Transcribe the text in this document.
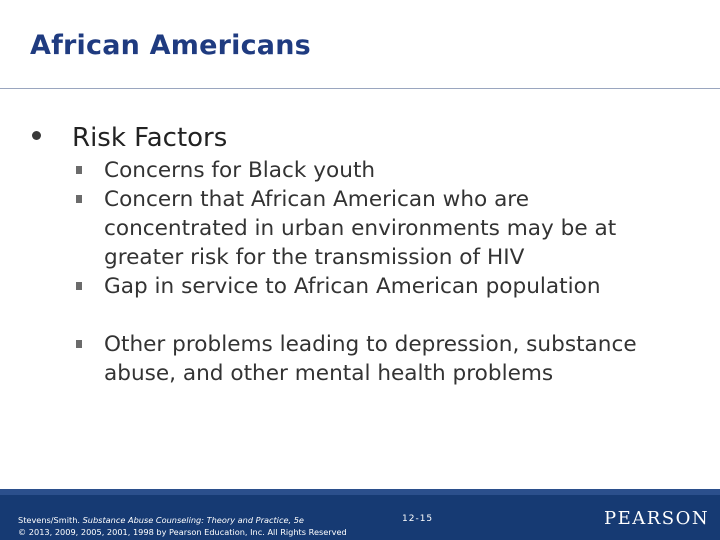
African Americans
Risk Factors
Concerns for Black youth
Concern that African American who are concentrated in urban environments may be at greater risk for the transmission of HIV
Gap in service to African American population
Other problems leading to depression, substance abuse, and other mental health problems
Stevens/Smith. Substance Abuse Counseling: Theory and Practice, 5e
© 2013, 2009, 2005, 2001, 1998 by Pearson Education, Inc. All Rights Reserved
12-15	PEARSON
